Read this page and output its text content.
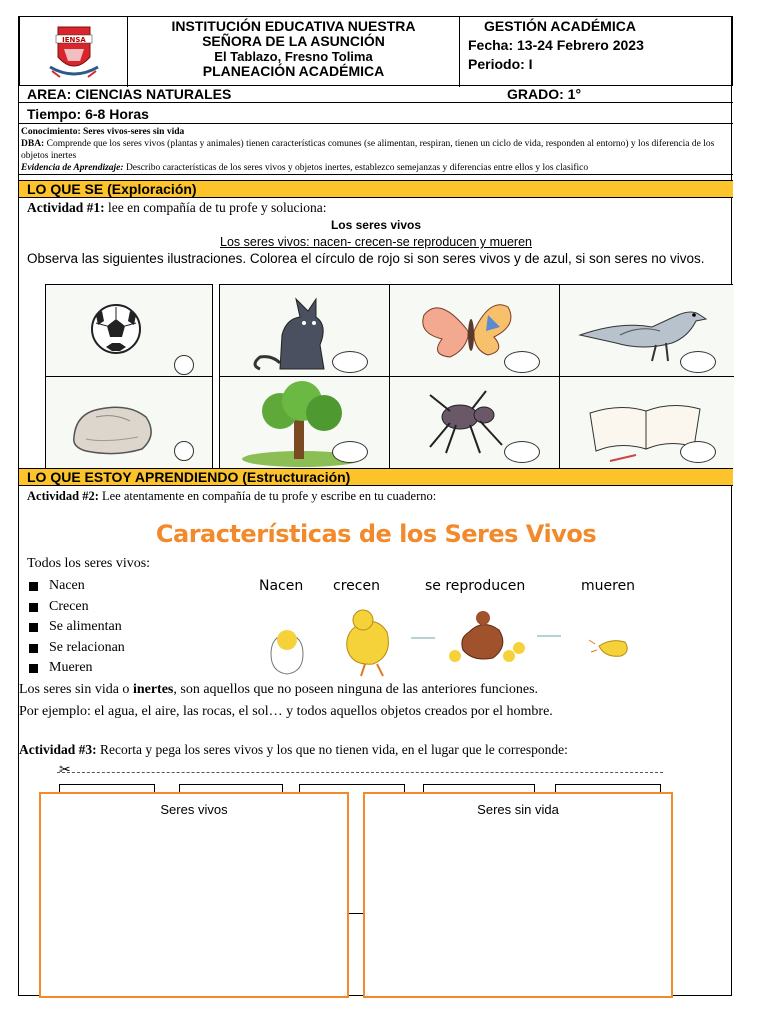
IENSA
INSTITUCIÓN EDUCATIVA NUESTRA
SEÑORA DE LA ASUNCIÓN
El Tablazo, Fresno Tolima
PLANEACIÓN ACADÉMICA
GESTIÓN ACADÉMICA
Fecha: 13-24 Febrero 2023
Periodo: I
AREA: CIENCIAS NATURALES	GRADO: 1°
Tiempo: 6-8 Horas
Conocimiento: Seres vivos-seres sin vida
DBA: Comprende que los seres vivos (plantas y animales) tienen características comunes (se alimentan, respiran, tienen un ciclo de vida, responden al entorno) y los diferencia de los objetos inertes
Evidencia de Aprendizaje: Describo características de los seres vivos y objetos inertes, establezco semejanzas y diferencias entre ellos y los clasifico
LO QUE SE (Exploración)
Actividad #1: lee en compañía de tu profe y soluciona:
Los seres vivos
Los seres vivos: nacen- crecen-se reproducen y mueren
Observa las siguientes ilustraciones. Colorea el círculo de rojo si son seres vivos y de azul, si son seres no vivos.
LO QUE ESTOY APRENDIENDO (Estructuración)
Actividad #2: Lee atentamente en compañía de tu profe y escribe en tu cuaderno:
Características de los Seres Vivos
Todos los seres vivos:
Nacen
Crecen
Se alimentan
Se relacionan
Mueren
Nacen crecen	se reproducen	mueren
Los seres sin vida o inertes, son aquellos que no poseen ninguna de las anteriores funciones.
Por ejemplo: el agua, el aire, las rocas, el sol… y todos aquellos objetos creados por el hombre.
Actividad #3: Recorta y pega los seres vivos y los que no tienen vida, en el lugar que le corresponde:
✂
Seres vivos	Seres sin vida
